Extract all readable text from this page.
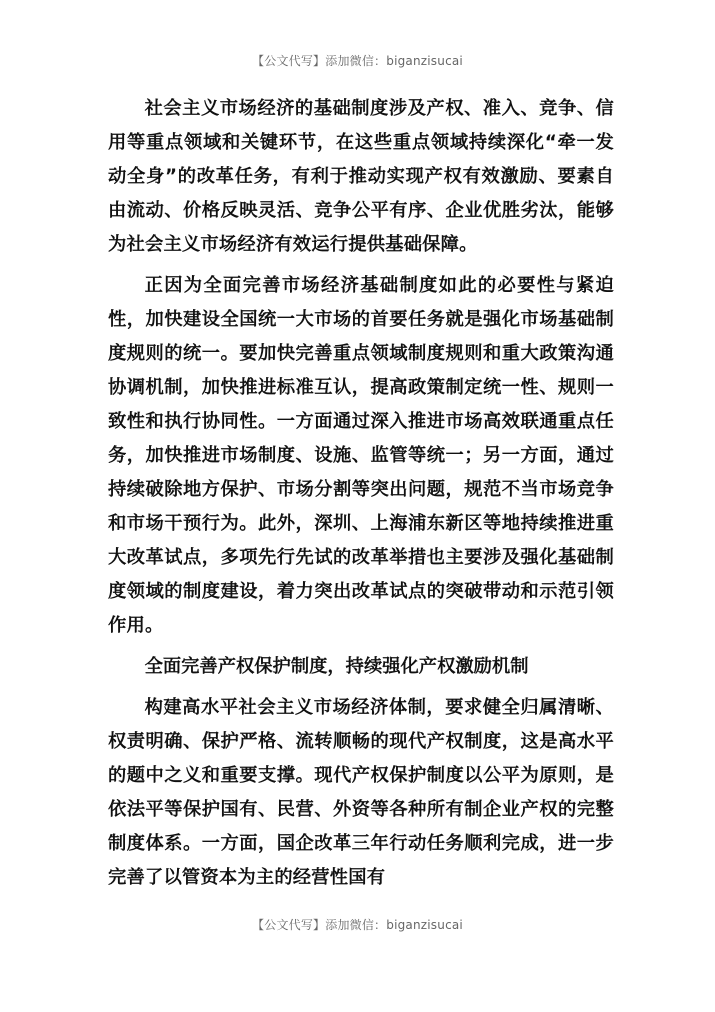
【公文代写】添加微信：biganzisucai

社会主义市场经济的基础制度涉及产权、准入、竞争、信用等重点领域和关键环节，在这些重点领域持续深化“牵一发动全身”的改革任务，有利于推动实现产权有效激励、要素自由流动、价格反映灵活、竞争公平有序、企业优胜劣汰，能够为社会主义市场经济有效运行提供基础保障。

正因为全面完善市场经济基础制度如此的必要性与紧迫性，加快建设全国统一大市场的首要任务就是强化市场基础制度规则的统一。要加快完善重点领域制度规则和重大政策沟通协调机制，加快推进标准互认，提高政策制定统一性、规则一致性和执行协同性。一方面通过深入推进市场高效联通重点任务，加快推进市场制度、设施、监管等统一；另一方面，通过持续破除地方保护、市场分割等突出问题，规范不当市场竞争和市场干预行为。此外，深圳、上海浦东新区等地持续推进重大改革试点，多项先行先试的改革举措也主要涉及强化基础制度领域的制度建设，着力突出改革试点的突破带动和示范引领作用。

全面完善产权保护制度，持续强化产权激励机制

构建高水平社会主义市场经济体制，要求健全归属清晰、权责明确、保护严格、流转顺畅的现代产权制度，这是高水平的题中之义和重要支撑。现代产权保护制度以公平为原则，是依法平等保护国有、民营、外资等各种所有制企业产权的完整制度体系。一方面，国企改革三年行动任务顺利完成，进一步完善了以管资本为主的经营性国有

【公文代写】添加微信：biganzisucai
